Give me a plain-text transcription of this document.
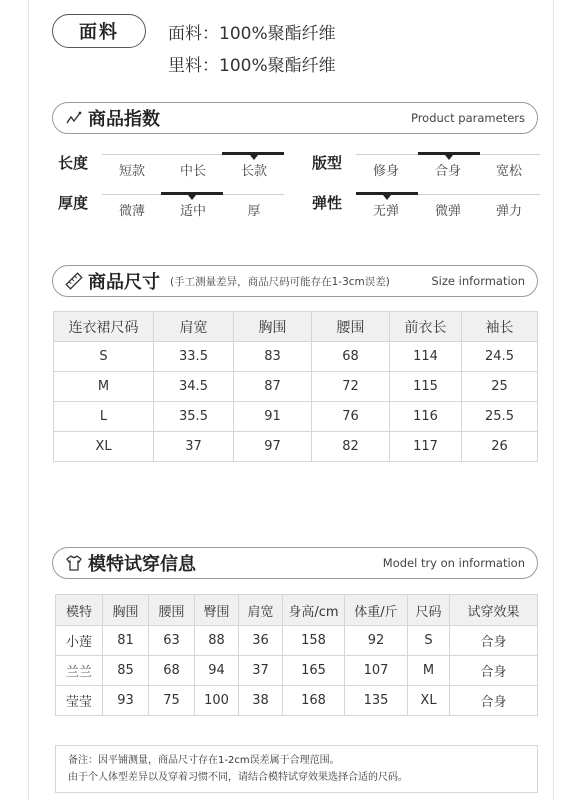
面料	面料：100%聚酯纤维
里料：100%聚酯纤维
商品指数	Product parameters
长度 短款	中长	长款	版型 修身	合身	宽松
厚度 微薄	适中	厚	弹性 无弹	微弹	弹力
商品尺寸 (手工测量差异，商品尺码可能存在1-3cm误差)	Size information
连衣裙尺码	肩宽	胸围	腰围	前衣长	袖长
S	33.5	83	68	114	24.5
M	34.5	87	72	115	25
L	35.5	91	76	116	25.5
XL	37	97	82	117	26
模特试穿信息	Model try on information
模特	胸围	腰围	臀围	肩宽	身高/cm	体重/斤	尺码	试穿效果
小莲	81	63	88	36	158	92	S	合身
兰兰	85	68	94	37	165	107	M	合身
莹莹	93	75	100	38	168	135	XL	合身
备注：因平铺测量，商品尺寸存在1-2cm误差属于合理范围。
由于个人体型差异以及穿着习惯不同，请结合模特试穿效果选择合适的尺码。
